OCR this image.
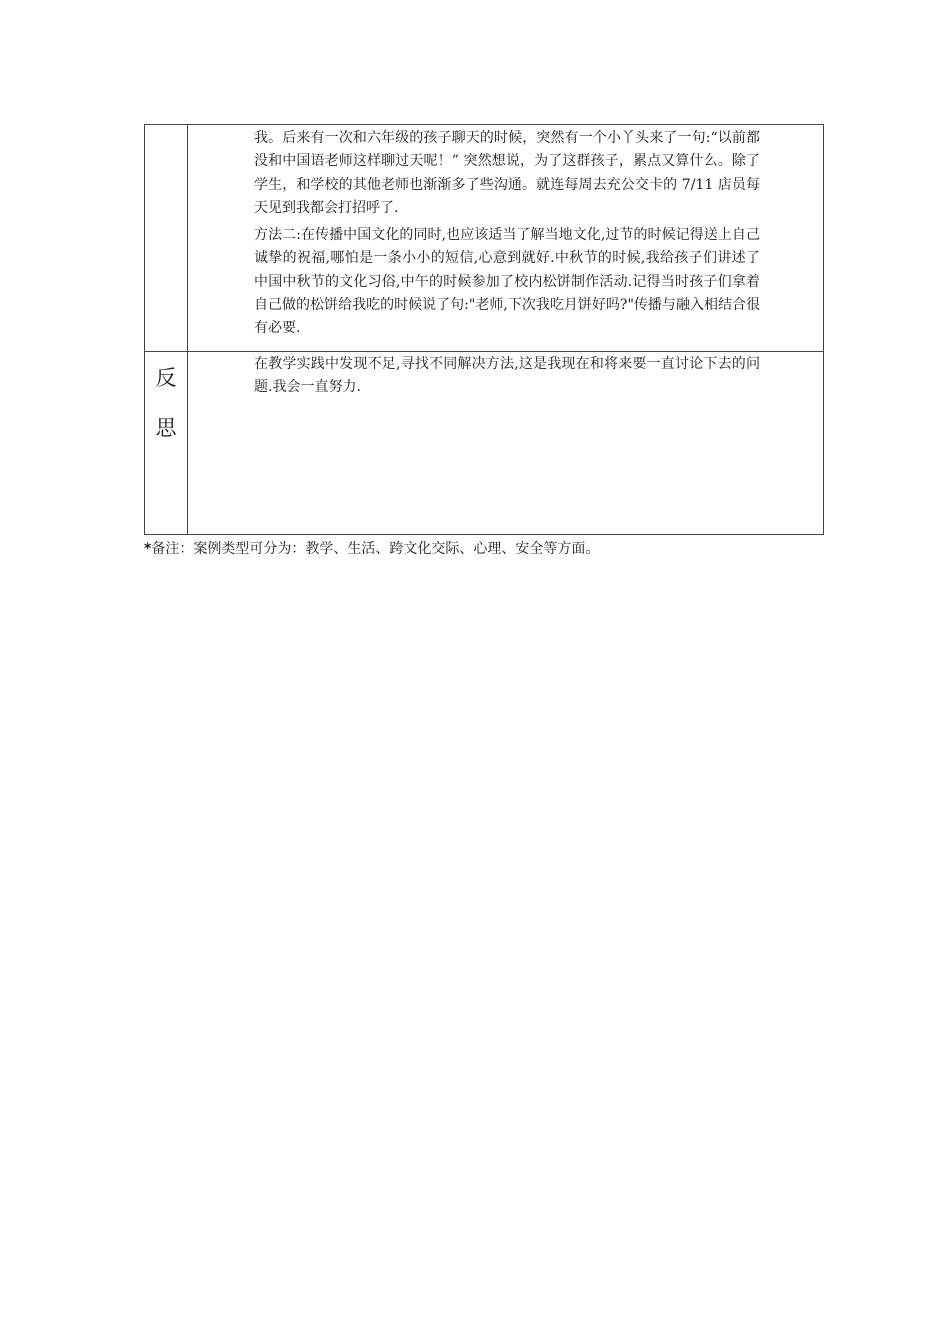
我。后来有一次和六年级的孩子聊天的时候，突然有一个小丫头来了一句:“以前都没和中国语老师这样聊过天呢！” 突然想说，为了这群孩子，累点又算什么。除了学生，和学校的其他老师也渐渐多了些沟通。就连每周去充公交卡的 7/11 店员每天见到我都会打招呼了.

方法二:在传播中国文化的同时,也应该适当了解当地文化,过节的时候记得送上自己诚挚的祝福,哪怕是一条小小的短信,心意到就好.中秋节的时候,我给孩子们讲述了中国中秋节的文化习俗,中午的时候参加了校内松饼制作活动.记得当时孩子们拿着自己做的松饼给我吃的时候说了句:"老师,下次我吃月饼好吗?"传播与融入相结合很有必要.

反
思

在教学实践中发现不足,寻找不同解决方法,这是我现在和将来要一直讨论下去的问题.我会一直努力.

*备注：案例类型可分为：教学、生活、跨文化交际、心理、安全等方面。
